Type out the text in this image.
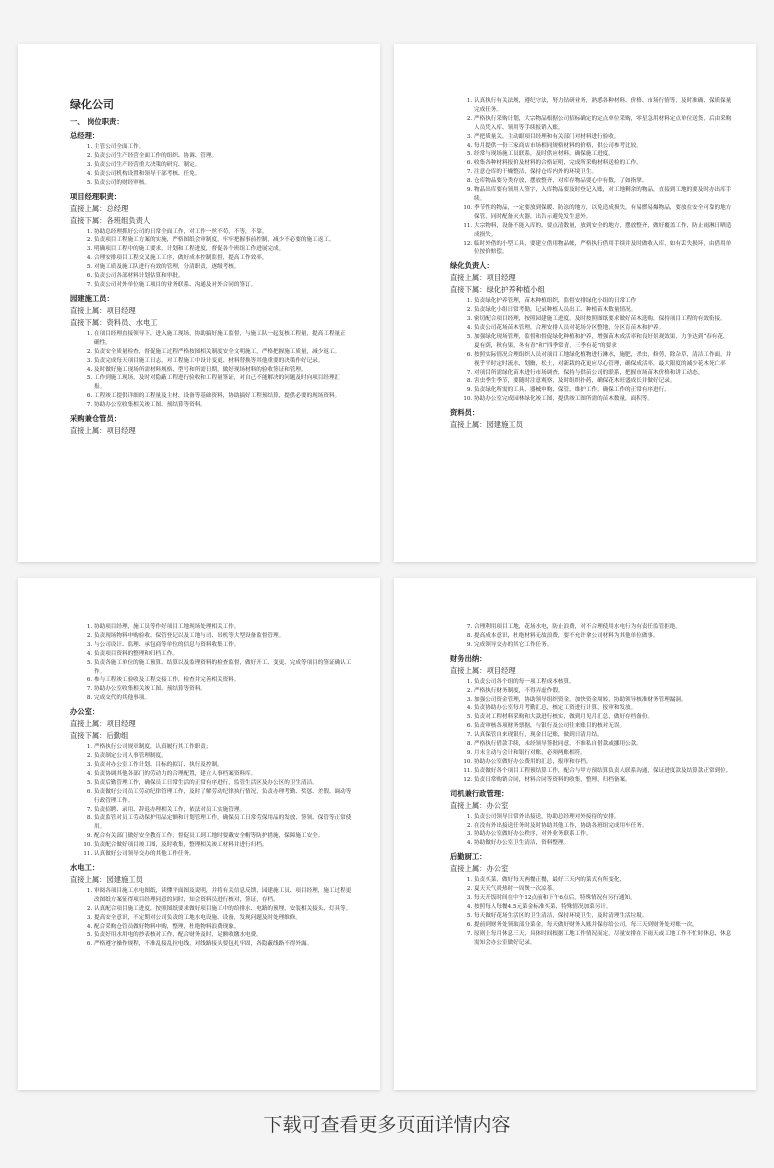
绿化公司
一、 岗位职责：
总经理：
1. 主管公司全面工作。
2. 负责公司生产经营全面工作的组织、协调、管理。
3. 负责公司生产经营重大决策的研究、制定。
4. 负责公司机构设置和领导干部考核、任免。
5. 负责公司的财经审核。
项目经理职责：
直接上属：总经理
直接下属：各班组负责人
1. 协助总经理抓好公司的日常全面工作，对工作一丝不苟，不等，不靠。
2. 负责项目工程施工方案的实施，严格图纸会审制度，牢牢把握事前控制，减少不必要的施工返工。
3. 明确项目工程中的施工要求，计划和工程进度，督促各个班组工作进展完成。
4. 合理安排项目工程交叉施工工序，做好成本控制监督，提高工作效率。
5. 对施工质及施工队进行有效的管理，分清职责，逐级考核。
6. 负责公司各部材料计划估算和审批。
7. 负责公司对外单位施工项目的业务联系、沟通及对外合同的签订。
园建施工员：
直接上属：项目经理
直接下属：资料员、水电工
1. 在项目经理直接领导下，进入施工现场，协助搞好施工监督，与施工队一起复核工程量，提高工程量正确性。
2. 负责安全质量检查，督促施工过程严格按图相关制度安全文明施工，严格把握施工质量，减少返工。
3. 负责完成每天项目施工日志，对工程施工中设计变更、材料替换等其他重要的决策作好记录。
4. 及时做好施工现场所需材料规格、型号和所需日期，做好现场材料的验收签证和管理。
5. 工作到施工现场，及时对隐蔽工程进行验收和工程量签证，对自己不能解决的问题及时向项目经理汇报。
6. 工程竣工提供详细的工程量及主材、设备等基础资料，协助搞好工程预结算，提供必要的现场资料。
7. 协助办公室收集相关竣工图、预结算等资料。
采购兼仓管员：
直接上属：项目经理
1. 认真执行有关法规，遵纪守法，努力钻研业务，熟悉各种材料、价格、市场行情等，及时准确、保质保量完成任务。
2. 严格执行采购计划，大宗物品根据公司招标确定的定点单位采购，零星急用材料定点单位送货，后由采购人员凭入库、领用等手续报销入账。
3. 严把质量关，主动跟项目经理和有关部门对材料进行验收。
4. 每月提供一份三家商店市场相同规格材料的价格，供公司参考比较。
5. 经常与现场施工员联系，及时供应材料，确保施工进度。
6. 收集各种材料报价及材料的合格证明，完成所采购材料送检的工作。
7. 注意仓库的干燥整洁，保持仓库内外的环境卫生。
8. 仓库物品要分类存放，摆放整齐，对库存物品要心中有数，了如指掌。
9. 物品出库要有领用人签字，入库物品要及时登记入账，对工地剩余的物品，直接到工地的要及时办出库手续。
10. 季节性的物品，一定要放到保暖、防冻的地方，以免造成损失，有易燃易爆物品，要放在安全可靠的地方保管，同时配备灭火器，出告示避免发生意外。
11. 大宗物料，设备不能入库的，要点清数量，放到安全的地方，摆放整齐，做好覆盖工作，防止雨淋日晒造成损失。
12. 临时外借的小型工具，要建立借用物品帐，严格执行借用手续并及时做收入库，如有丢失损坏，由借用单位按价赔偿。
绿化负责人：
直接上属：项目经理
直接下属：绿化护养种植小组
1. 负责绿化护养管理，苗木种植组织，监督安排绿化小组的日常工作
2. 负责绿化小组日常考勤，记录种植人员出工、种植苗木数量情况。
3. 密切配合项目经理，按照园建施工进度，及时按照图纸要求做好苗木选购，保持项目工程的有效衔接。
4. 负责公司花场苗木管理，合理安排人员对花场分区整地，分区育苗木和护养。
5. 加强绿化现场管理，监督和督促绿化种植和护养，增强苗木成活率和良好景观效果，力争达到“春有花，夏有荫，秋有果，冬有青”和“四季常青，三季有花”的要求
6. 按照实际情况合理组织人员对项目工地绿化植物进行淋水，施肥，杀虫，修剪，除杂草，清洁工作面，并视乎平时定时流水，划幽，松土，对新栽的花更应尽心管理，确保成活率，最大限度的减少花木死亡率
7. 对项目所需绿化苗木进行市场调查，保持与供苗公司的联系，把握市场苗木价格和讲工动态。
8. 害虫季生季节，要随时注意观察，及时组织扑药，确保花木旺盛成长并做好记录。
9. 负责绿化所需的工具、器械申购，保管，维护工作，确保工作的正常有序进行。
10. 协助办公室完成园林绿化竣工图，提供竣工图所需的苗木数量，面积等。
资料员：
直接上属：园建施工员
1. 协助项目经理，施工员等作好项目工地现场处理相关工作。
2. 负责现场物料申购验收、保管登记以及工地与司、吊机等大型设备监督管理。
3. 与公司设计、监理、承包商等单位的信息与资料收集工作。
4. 负责项目资料的整理和归档工作。
5. 负责各施工单位的施工预算、结算以及监理资料的检查监督，做好开工、变更、完成等项目的签证确认工作。
6. 参与工程竣工验收及工程交接工作，检查并完善相关资料。
7. 协助办公室收集相关竣工图、预结算等资料。
8. 完成交代的其他事项。
办公室：
直接上属：项目经理
直接下属：后勤组
1. 严格执行公司规章制度，认真履行其工作职责；
2. 负责制定公司人事管理制度。
3. 负责对办公室工作计划、目标的拟订、执行及控制。
4. 负责协调其他各部门的劳动力的合理配置，建立人事档案资料库。
5. 负责后勤管理工作，确保员工日常生活的正常有序进行，监管生活区及办公区的卫生清洁。
6. 负责做好公司员工劳动纪律管理工作，及时了解劳动纪律执行情况，负责办理考勤、奖惩、差假、调动等行政管理工作。
7. 负责招聘、录用、辞退办理相关工作，依法对员工实施管理。
8. 负责监管对员工劳动保护用品定额和计划管理工作，确保员工日常劳保用品的发放、签领、保管等正常使用。
9. 配合有关部门做好安全教育工作，督促员工到工地时要戴安全帽等防护措施，保障施工安全。
10. 负责配合做好项目竣工图，及时收集，整理相关竣工材料并进行归档。
11. 认真做好公司领导交办的其他工作任务。
水电工：
直接上属：园建施工员
1. 审阅各项目施工水电图纸，读懂平面图及说明，并将有关信息反馈，园建施工员、项目经理，施工过程更改图纸方案征得项目经理同意的同时，知会资料员进行核对，签证，存档。
2. 认真配合项目施工进度，按照图纸要求做好项目施工中的给排水、电路的预埋，安装相关接头、灯具等。
3. 提高安全意识，不定期对公司负责的工地水电设施、设备，发现问题及时处理维修。
4. 配合采购仓管员做好物料申购，整理，杜绝物料浪费现象。
5. 负责好用水用电的抄表核对工作，配合财务及时，足额收缴水电费。
6. 严格遵守操作规程，不准乱接乱拉电线，对线路接头要包扎牢固，各隐蔽线路不得外露。
7. 合理利用项目工地，花场水电，防止浪费，对不合理使用水电行为有责任监管拒绝。
8. 提高成本意识，杜绝材料无故浪费，要不允许拿公司材料为其他单位做事。
9. 完成领导交办的其它工作任务。
财务出纳：
直接上属：项目经理
1. 负责公司各个组的每一项工程成本核算。
2. 严格执行财务制度，不得弄虚作假。
3. 加强公司资金管理，协助领导组织资金，加快资金周转，协助领导核准财务管理漏洞。
4. 负责协助办公室每月考勤汇总，核定工资进行计算，报审和发放。
5. 负责对工程材料采购和大款进行核实，做到月见月汇总，做好存档备份。
6. 负责审核各项财务票据，与银行及公司往来账目的核对无误。
7. 认真保管自来现银行，现金日记账，做到日清月结。
8. 严格执行借款手续，未经领导签批同意，不准私自借款或挪用公款。
9. 月末主动与会计和银行对账，必须两账相符。
10. 协助办公室做好办公费用的汇总，报审和存档。
11. 负责做好各个项目工程预结算工作，配合与甲方预结算负责人联系沟通，保证进度款及结算款正常到位。
12. 负责日常购销合同，材料合同等资料的收集，整理，归档备案。
司机兼行政管理：
直接上属：办公室
1. 负责公司领导日常外出接送，协助总经理对外接待的安排。
2. 在没有外出接送任务时及时协助其他工作，协助各班组完成用车任务。
3. 协助办公室做好办公秩序，对外业务联系工作。
4. 协助做好办公室卫生清洁，资料整理。
后勤厨工：
直接上属：办公室
1. 负责买菜，做好每天两餐正餐，最好三天内的菜式有所变化，
2. 夏天天气炎热时一周煲一次凉茶。
3. 每天开饭时间在中午12点前和下午6点后，特殊情况有另行通知。
4. 按照每人每餐4.5元菜金标准买菜，特殊情况加菜另计。
5. 每天做好花场生活区的卫生清洁，保持环境卫生，及时清理生活垃圾。
6. 提前到财务处领取部分菜金，每天做好财务入账并保存给公司，每三天到财务处对账一次。
7. 原则上每月休息三天，具体时间根据工地工作情况而定，尽量安排在下雨天或工地工作不忙时休息，休息需知会办公室做好记录。
下载可查看更多页面详情内容
